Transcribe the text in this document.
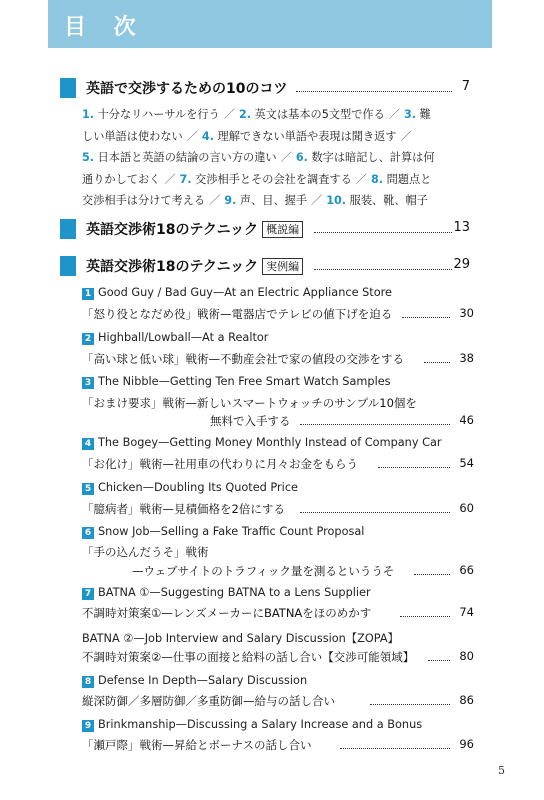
目 次
英語で交渉するための10のコツ	7
英語交渉術18のテクニック 概説編	13
英語交渉術18のテクニック 実例編	29
1. 十分なリハーサルを行う ／ 2. 英文は基本の5文型で作る ／ 3. 難
しい単語は使わない ／ 4. 理解できない単語や表現は聞き返す ／
5. 日本語と英語の結論の言い方の違い ／ 6. 数字は暗記し、計算は何
通りかしておく ／ 7. 交渉相手とその会社を調査する ／ 8. 問題点と
交渉相手は分けて考える ／ 9. 声、目、握手 ／ 10. 服装、靴、帽子
1 Good Guy / Bad Guy—At an Electric Appliance Store
「怒り役となだめ役」戦術—電器店でテレビの値下げを迫る	30
2 Highball/Lowball—At a Realtor
「高い球と低い球」戦術—不動産会社で家の値段の交渉をする	38
3 The Nibble—Getting Ten Free Smart Watch Samples
「おまけ要求」戦術—新しいスマートウォッチのサンプル10個を
無料で入手する	46
4 The Bogey—Getting Money Monthly Instead of Company Car
「お化け」戦術—社用車の代わりに月々お金をもらう	54
5 Chicken—Doubling Its Quoted Price
「臆病者」戦術—見積価格を2倍にする	60
6 Snow Job—Selling a Fake Traffic Count Proposal
「手の込んだうそ」戦術
—ウェブサイトのトラフィック量を測るといううそ	66
7 BATNA ①—Suggesting BATNA to a Lens Supplier
不調時対策案①—レンズメーカーにBATNAをほのめかす	74
BATNA ②—Job Interview and Salary Discussion【ZOPA】
不調時対策案②—仕事の面接と給料の話し合い【交渉可能領域】	80
8 Defense In Depth—Salary Discussion
縦深防御／多層防御／多重防御—給与の話し合い	86
9 Brinkmanship—Discussing a Salary Increase and a Bonus
「瀬戸際」戦術—昇給とボーナスの話し合い	96
5
